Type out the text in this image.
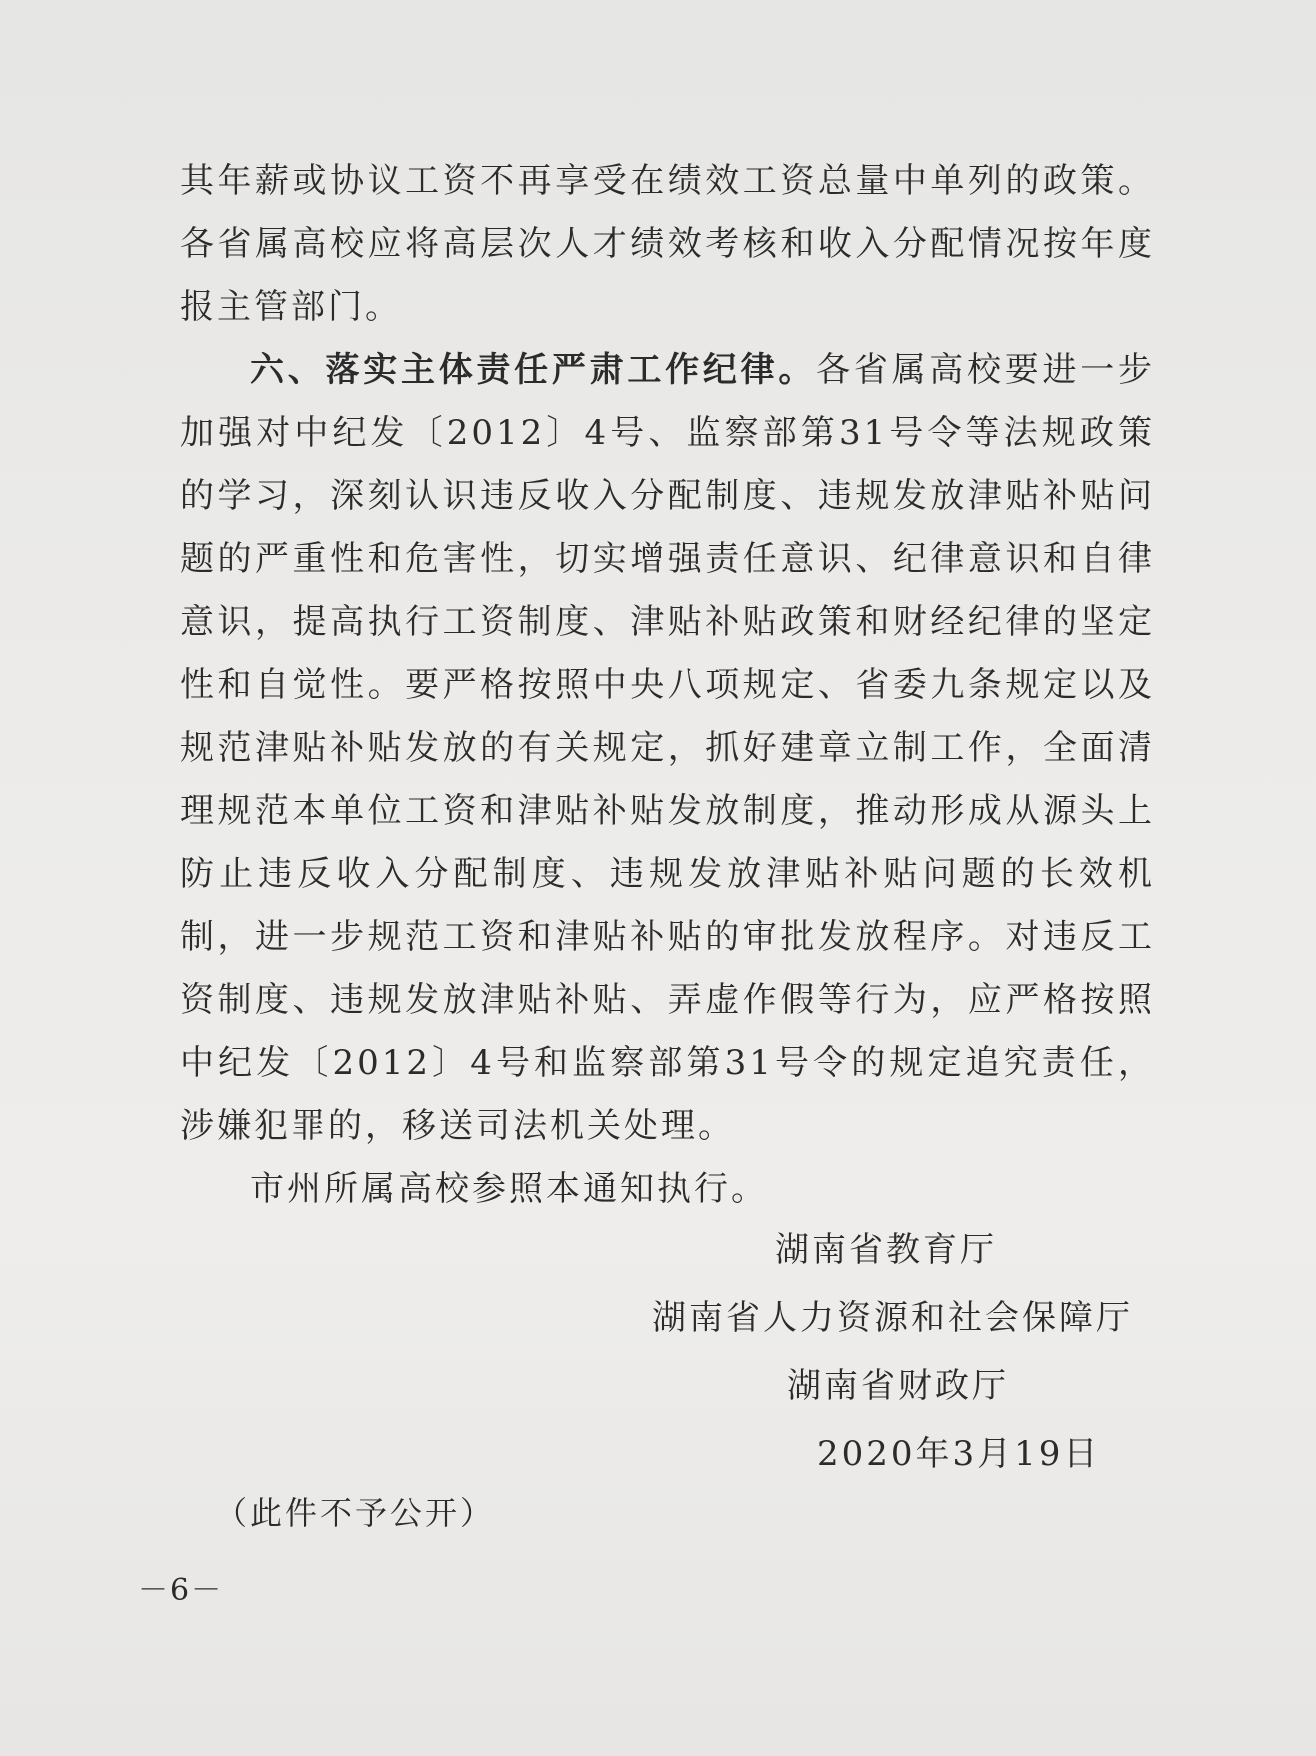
其年薪或协议工资不再享受在绩效工资总量中单列的政策。各省属高校应将高层次人才绩效考核和收入分配情况按年度报主管部门。

六、落实主体责任严肃工作纪律。各省属高校要进一步加强对中纪发〔2012〕4号、监察部第31号令等法规政策的学习，深刻认识违反收入分配制度、违规发放津贴补贴问题的严重性和危害性，切实增强责任意识、纪律意识和自律意识，提高执行工资制度、津贴补贴政策和财经纪律的坚定性和自觉性。要严格按照中央八项规定、省委九条规定以及规范津贴补贴发放的有关规定，抓好建章立制工作，全面清理规范本单位工资和津贴补贴发放制度，推动形成从源头上防止违反收入分配制度、违规发放津贴补贴问题的长效机制，进一步规范工资和津贴补贴的审批发放程序。对违反工资制度、违规发放津贴补贴、弄虚作假等行为，应严格按照中纪发〔2012〕4号和监察部第31号令的规定追究责任，涉嫌犯罪的，移送司法机关处理。

市州所属高校参照本通知执行。

湖南省教育厅
湖南省人力资源和社会保障厅
湖南省财政厅
2020年3月19日
（此件不予公开）
－6－
